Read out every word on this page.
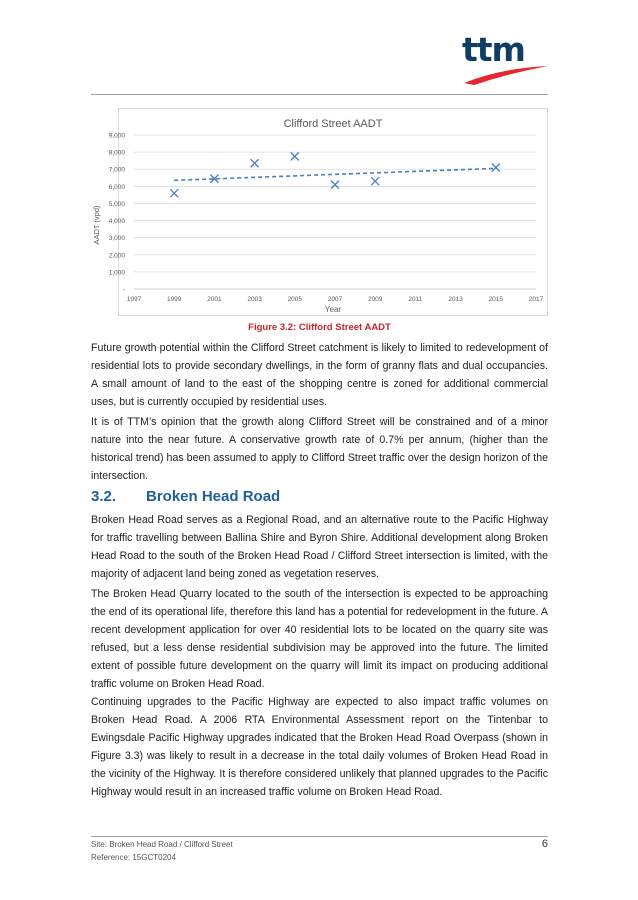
ttm
Clifford Street AADT
-
1,000
2,000
3,000
4,000
5,000
6,000
7,000
8,000
9,000
1997	1999	2001	2003	2005	2007	2009	2011	2013	2015	2017
Year
AADT (vpd)
Figure 3.2: Clifford Street AADT

Future growth potential within the Clifford Street catchment is likely to limited to redevelopment of residential lots to provide secondary dwellings, in the form of granny flats and dual occupancies. A small amount of land to the east of the shopping centre is zoned for additional commercial uses, but is currently occupied by residential uses.

It is of TTM’s opinion that the growth along Clifford Street will be constrained and of a minor nature into the near future. A conservative growth rate of 0.7% per annum, (higher than the historical trend) has been assumed to apply to Clifford Street traffic over the design horizon of the intersection.

3.2. Broken Head Road

Broken Head Road serves as a Regional Road, and an alternative route to the Pacific Highway for traffic travelling between Ballina Shire and Byron Shire. Additional development along Broken Head Road to the south of the Broken Head Road / Clifford Street intersection is limited, with the majority of adjacent land being zoned as vegetation reserves.

The Broken Head Quarry located to the south of the intersection is expected to be approaching the end of its operational life, therefore this land has a potential for redevelopment in the future. A recent development application for over 40 residential lots to be located on the quarry site was refused, but a less dense residential subdivision may be approved into the future. The limited extent of possible future development on the quarry will limit its impact on producing additional traffic volume on Broken Head Road.

Continuing upgrades to the Pacific Highway are expected to also impact traffic volumes on Broken Head Road. A 2006 RTA Environmental Assessment report on the Tintenbar to Ewingsdale Pacific Highway upgrades indicated that the Broken Head Road Overpass (shown in Figure 3.3) was likely to result in a decrease in the total daily volumes of Broken Head Road in the vicinity of the Highway. It is therefore considered unlikely that planned upgrades to the Pacific Highway would result in an increased traffic volume on Broken Head Road.

Site: Broken Head Road / Clifford Street
Reference: 15GCT0204
6
